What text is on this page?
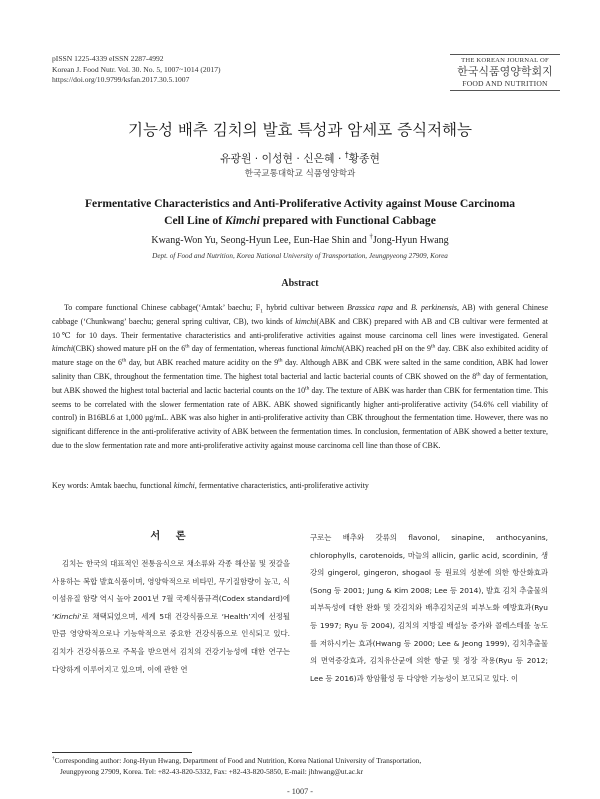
pISSN 1225-4339 eISSN 2287-4992
Korean J. Food Nutr. Vol. 30. No. 5, 1007~1014 (2017)
https://doi.org/10.9799/ksfan.2017.30.5.1007
THE KOREAN JOURNAL OF
한국식품영양학회지
FOOD AND NUTRITION
기능성 배추 김치의 발효 특성과 암세포 증식저해능
유광원 · 이성현 · 신은혜 · †황종현
한국교통대학교 식품영양학과
Fermentative Characteristics and Anti-Proliferative Activity against Mouse Carcinoma
Cell Line of Kimchi prepared with Functional Cabbage
Kwang-Won Yu, Seong-Hyun Lee, Eun-Hae Shin and †Jong-Hyun Hwang
Dept. of Food and Nutrition, Korea National University of Transportation, Jeungpyeong 27909, Korea
Abstract

To compare functional Chinese cabbage(‘Amtak’ baechu; $F_1$ hybrid cultivar between Brassica rapa and B. perkinensis, AB) with general Chinese cabbage (‘Chunkwang’ baechu; general spring cultivar, CB), two kinds of kimchi(ABK and CBK) prepared with AB and CB cultivar were fermented at 10℃ for 10 days. Their fermentative characteristics and anti-proliferative activities against mouse carcinoma cell lines were investigated. General kimchi(CBK) showed mature pH on the 6th day of fermentation, whereas functional kimchi(ABK) reached pH on the 9th day. CBK also exhibited acidity of mature stage on the 6th day, but ABK reached mature acidity on the 9th day. Although ABK and CBK were salted in the same condition, ABK had lower salinity than CBK, throughout the fermentation time. The highest total bacterial and lactic bacterial counts of CBK showed on the 8th day of fermentation, but ABK showed the highest total bacterial and lactic bacterial counts on the 10th day. The texture of ABK was harder than CBK for fermentation time. This seems to be correlated with the slower fermentation rate of ABK. ABK showed significantly higher anti-proliferative activity (54.6% cell viability of control) in B16BL6 at 1,000 μg/mL. ABK was also higher in anti-proliferative activity than CBK throughout the fermentation time. However, there was no significant difference in the anti-proliferative activity of ABK between the fermentation times. In conclusion, fermentation of ABK showed a better texture, due to the slow fermentation rate and more anti-proliferative activity against mouse carcinoma cell line than those of CBK.

Key words: Amtak baechu, functional kimchi, fermentative characteristics, anti-proliferative activity
서 론

김치는 한국의 대표적인 전통음식으로 채소류와 각종 해산물 및 젓갈을 사용하는 복합 발효식품이며, 영양학적으로 비타민, 무기질함량이 높고, 식이섬유질 함량 역시 높아 2001년 7월 국제식품규격(Codex standard)에 ‘Kimchi’로 채택되었으며, 세계 5대 건강식품으로 ‘Health’지에 선정될 만큼 영양학적으로나 기능학적으로 중요한 건강식품으로 인식되고 있다. 김치가 건강식품으로 주목을 받으면서 김치의 건강기능성에 대한 연구는 다양하게 이루어지고 있으며, 이에 관한 연

구로는 배추와 갓류의 flavonol, sinapine, anthocyanins, chlorophylls, carotenoids, 마늘의 allicin, garlic acid, scordinin, 생강의 gingerol, gingeron, shogaol 등 원료의 성분에 의한 항산화효과(Song 등 2001; Jung & Kim 2008; Lee 등 2014), 발효 김치 추출물의 피부독성에 대한 완화 및 갓김치와 배추김치군의 피부노화 예방효과(Ryu 등 1997; Ryu 등 2004), 김치의 지방질 배설능 증가와 콜레스테롤 농도를 저하시키는 효과(Hwang 등 2000; Lee & Jeong 1999), 김치추출물의 면역증강효과, 김치유산균에 의한 항균 및 정장 작용(Ryu 등 2012; Lee 등 2016)과 항암활성 등 다양한 기능성이 보고되고 있다. 이

†Corresponding author: Jong-Hyun Hwang, Department of Food and Nutrition, Korea National University of Transportation,
Jeungpyeong 27909, Korea. Tel: +82-43-820-5332, Fax: +82-43-820-5850, E-mail: jhhwang@ut.ac.kr
- 1007 -
